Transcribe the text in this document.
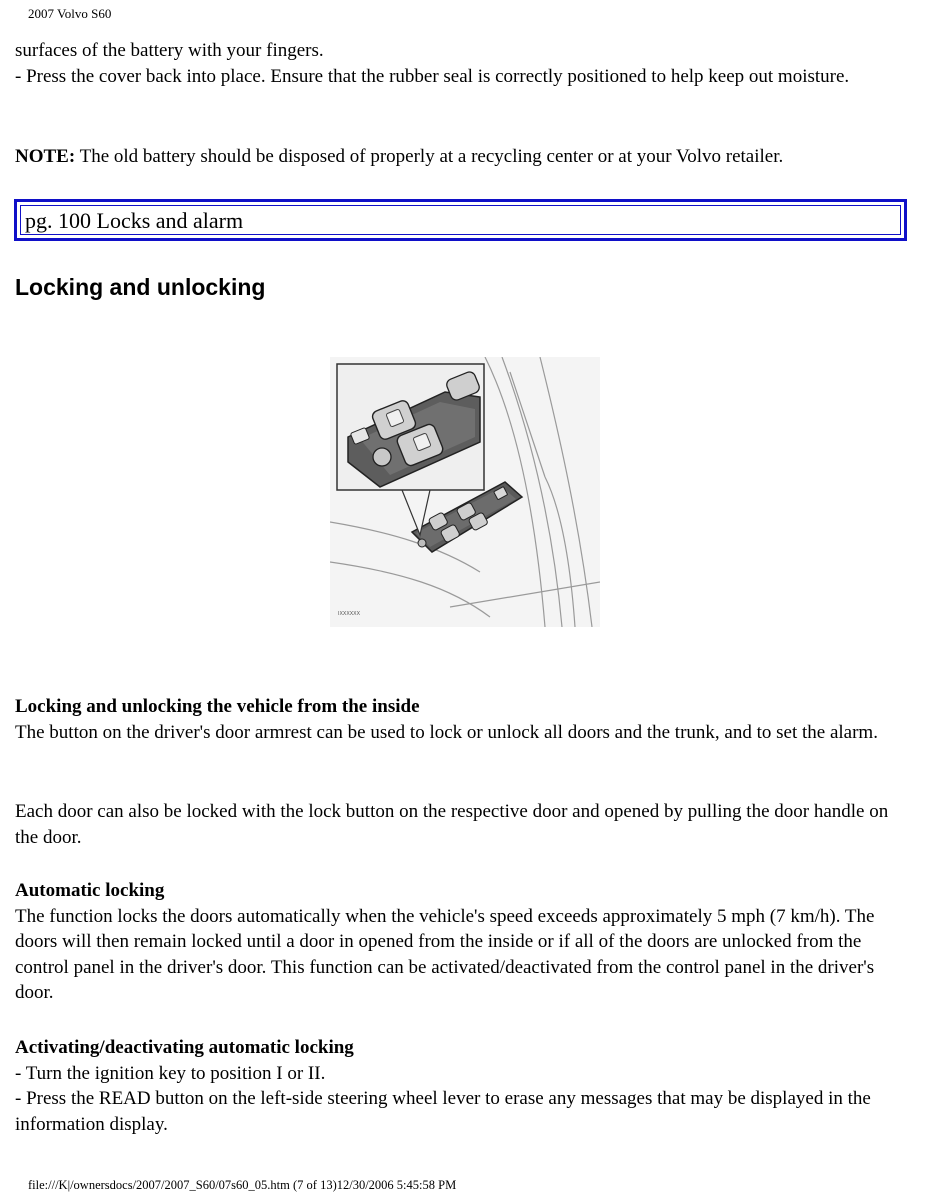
2007 Volvo S60
surfaces of the battery with your fingers.
- Press the cover back into place. Ensure that the rubber seal is correctly positioned to help keep out moisture.
NOTE: The old battery should be disposed of properly at a recycling center or at your Volvo retailer.
pg. 100 Locks and alarm
Locking and unlocking
IXXXXXX
Locking and unlocking the vehicle from the inside
The button on the driver's door armrest can be used to lock or unlock all doors and the trunk, and to set the alarm.
Each door can also be locked with the lock button on the respective door and opened by pulling the door handle on the door.
Automatic locking
The function locks the doors automatically when the vehicle's speed exceeds approximately 5 mph (7 km/h). The doors will then remain locked until a door in opened from the inside or if all of the doors are unlocked from the control panel in the driver's door. This function can be activated/deactivated from the control panel in the driver's door.
Activating/deactivating automatic locking
- Turn the ignition key to position I or II.
- Press the READ button on the left-side steering wheel lever to erase any messages that may be displayed in the information display.
file:///K|/ownersdocs/2007/2007_S60/07s60_05.htm (7 of 13)12/30/2006 5:45:58 PM
